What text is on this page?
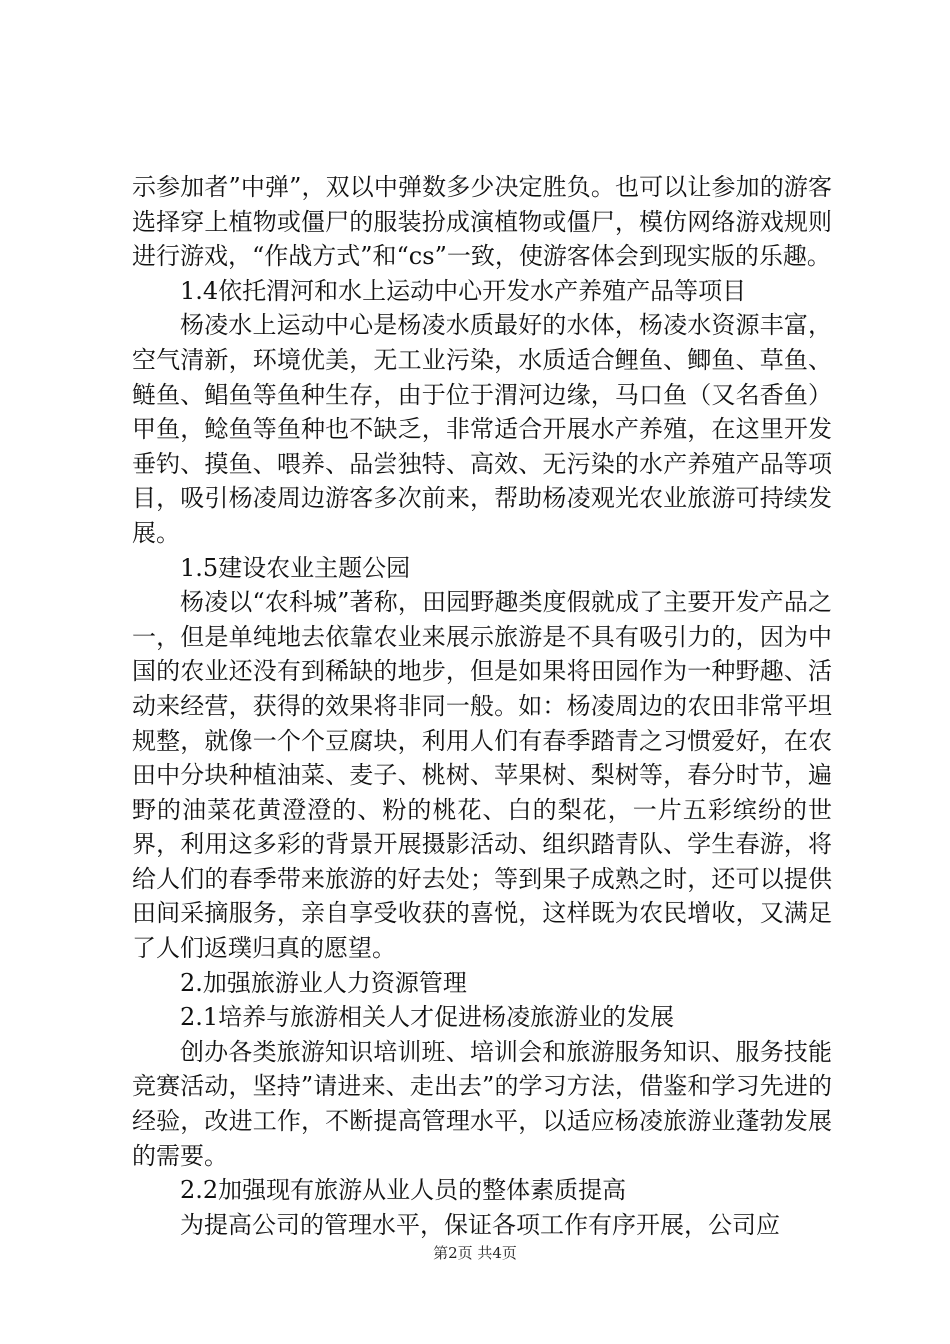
示参加者”中弹”，双以中弹数多少决定胜负。也可以让参加的游客选择穿上植物或僵尸的服装扮成演植物或僵尸，模仿网络游戏规则进行游戏，“作战方式”和“cs”一致，使游客体会到现实版的乐趣。

1.4依托渭河和水上运动中心开发水产养殖产品等项目

杨凌水上运动中心是杨凌水质最好的水体，杨凌水资源丰富，空气清新，环境优美，无工业污染，水质适合鲤鱼、鲫鱼、草鱼、鲢鱼、鲳鱼等鱼种生存，由于位于渭河边缘，马口鱼（又名香鱼）甲鱼，鲶鱼等鱼种也不缺乏，非常适合开展水产养殖，在这里开发垂钓、摸鱼、喂养、品尝独特、高效、无污染的水产养殖产品等项目，吸引杨凌周边游客多次前来，帮助杨凌观光农业旅游可持续发展。

1.5建设农业主题公园

杨凌以“农科城”著称，田园野趣类度假就成了主要开发产品之一，但是单纯地去依靠农业来展示旅游是不具有吸引力的，因为中国的农业还没有到稀缺的地步，但是如果将田园作为一种野趣、活动来经营，获得的效果将非同一般。如：杨凌周边的农田非常平坦规整，就像一个个豆腐块，利用人们有春季踏青之习惯爱好，在农田中分块种植油菜、麦子、桃树、苹果树、梨树等，春分时节，遍野的油菜花黄澄澄的、粉的桃花、白的梨花，一片五彩缤纷的世界，利用这多彩的背景开展摄影活动、组织踏青队、学生春游，将给人们的春季带来旅游的好去处；等到果子成熟之时，还可以提供田间采摘服务，亲自享受收获的喜悦，这样既为农民增收，又满足了人们返璞归真的愿望。

2.加强旅游业人力资源管理

2.1培养与旅游相关人才促进杨凌旅游业的发展

创办各类旅游知识培训班、培训会和旅游服务知识、服务技能竞赛活动，坚持”请进来、走出去”的学习方法，借鉴和学习先进的经验，改进工作，不断提高管理水平，以适应杨凌旅游业蓬勃发展的需要。

2.2加强现有旅游从业人员的整体素质提高

为提高公司的管理水平，保证各项工作有序开展，公司应

第2页 共4页
